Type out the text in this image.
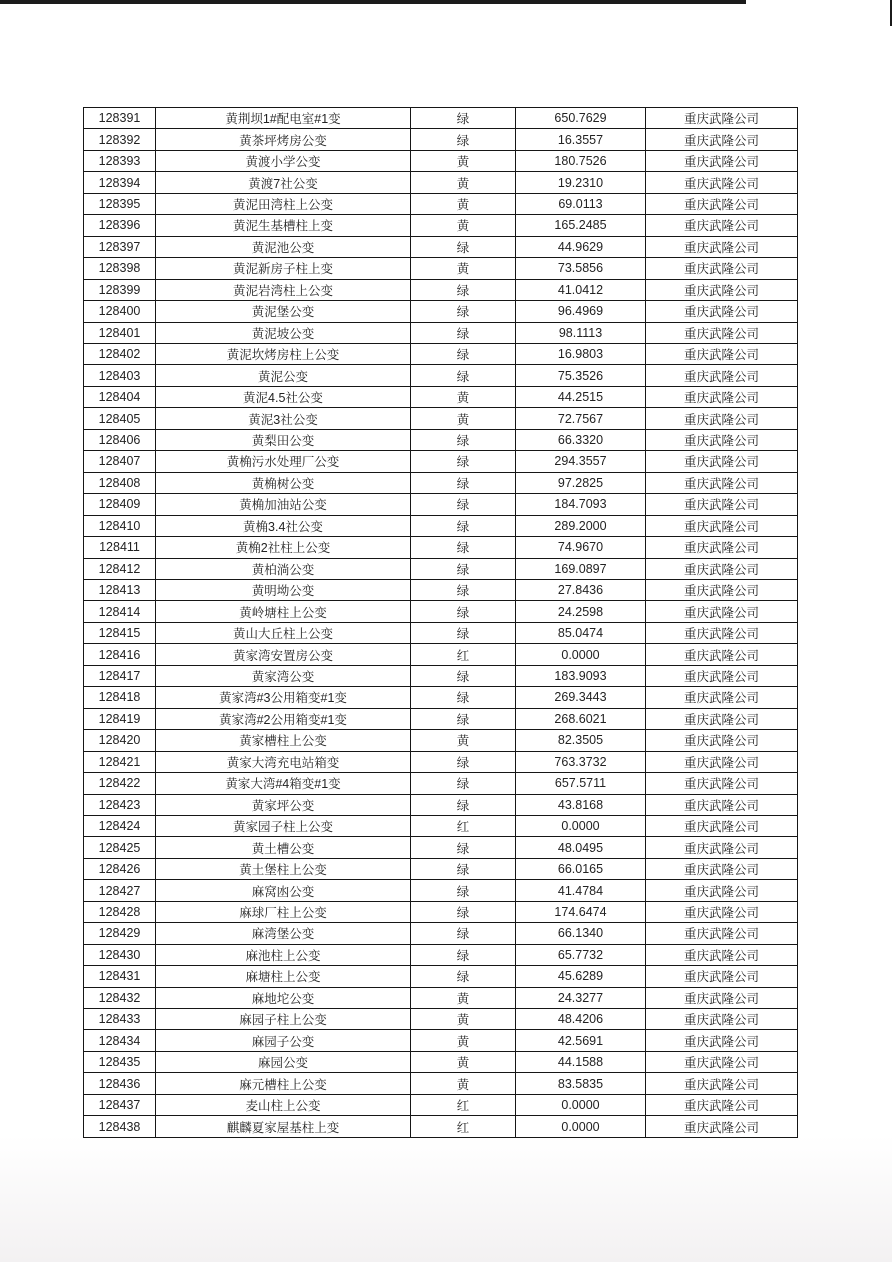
128391	黄荆坝1#配电室#1变	绿	650.7629	重庆武隆公司
128392	黄茶坪烤房公变	绿	16.3557	重庆武隆公司
128393	黄渡小学公变	黄	180.7526	重庆武隆公司
128394	黄渡7社公变	黄	19.2310	重庆武隆公司
128395	黄泥田湾柱上公变	黄	69.0113	重庆武隆公司
128396	黄泥生基槽柱上变	黄	165.2485	重庆武隆公司
128397	黄泥池公变	绿	44.9629	重庆武隆公司
128398	黄泥新房子柱上变	黄	73.5856	重庆武隆公司
128399	黄泥岩湾柱上公变	绿	41.0412	重庆武隆公司
128400	黄泥堡公变	绿	96.4969	重庆武隆公司
128401	黄泥坡公变	绿	98.1113	重庆武隆公司
128402	黄泥坎烤房柱上公变	绿	16.9803	重庆武隆公司
128403	黄泥公变	绿	75.3526	重庆武隆公司
128404	黄泥4.5社公变	黄	44.2515	重庆武隆公司
128405	黄泥3社公变	黄	72.7567	重庆武隆公司
128406	黄梨田公变	绿	66.3320	重庆武隆公司
128407	黄桷污水处理厂公变	绿	294.3557	重庆武隆公司
128408	黄桷树公变	绿	97.2825	重庆武隆公司
128409	黄桷加油站公变	绿	184.7093	重庆武隆公司
128410	黄桷3.4社公变	绿	289.2000	重庆武隆公司
128411	黄桷2社柱上公变	绿	74.9670	重庆武隆公司
128412	黄柏淌公变	绿	169.0897	重庆武隆公司
128413	黄明坳公变	绿	27.8436	重庆武隆公司
128414	黄岭塘柱上公变	绿	24.2598	重庆武隆公司
128415	黄山大丘柱上公变	绿	85.0474	重庆武隆公司
128416	黄家湾安置房公变	红	0.0000	重庆武隆公司
128417	黄家湾公变	绿	183.9093	重庆武隆公司
128418	黄家湾#3公用箱变#1变	绿	269.3443	重庆武隆公司
128419	黄家湾#2公用箱变#1变	绿	268.6021	重庆武隆公司
128420	黄家槽柱上公变	黄	82.3505	重庆武隆公司
128421	黄家大湾充电站箱变	绿	763.3732	重庆武隆公司
128422	黄家大湾#4箱变#1变	绿	657.5711	重庆武隆公司
128423	黄家坪公变	绿	43.8168	重庆武隆公司
128424	黄家园子柱上公变	红	0.0000	重庆武隆公司
128425	黄土槽公变	绿	48.0495	重庆武隆公司
128426	黄土堡柱上公变	绿	66.0165	重庆武隆公司
128427	麻窝凼公变	绿	41.4784	重庆武隆公司
128428	麻球厂柱上公变	绿	174.6474	重庆武隆公司
128429	麻湾堡公变	绿	66.1340	重庆武隆公司
128430	麻池柱上公变	绿	65.7732	重庆武隆公司
128431	麻塘柱上公变	绿	45.6289	重庆武隆公司
128432	麻地坨公变	黄	24.3277	重庆武隆公司
128433	麻园子柱上公变	黄	48.4206	重庆武隆公司
128434	麻园子公变	黄	42.5691	重庆武隆公司
128435	麻园公变	黄	44.1588	重庆武隆公司
128436	麻元槽柱上公变	黄	83.5835	重庆武隆公司
128437	麦山柱上公变	红	0.0000	重庆武隆公司
128438	麒麟夏家屋基柱上变	红	0.0000	重庆武隆公司
